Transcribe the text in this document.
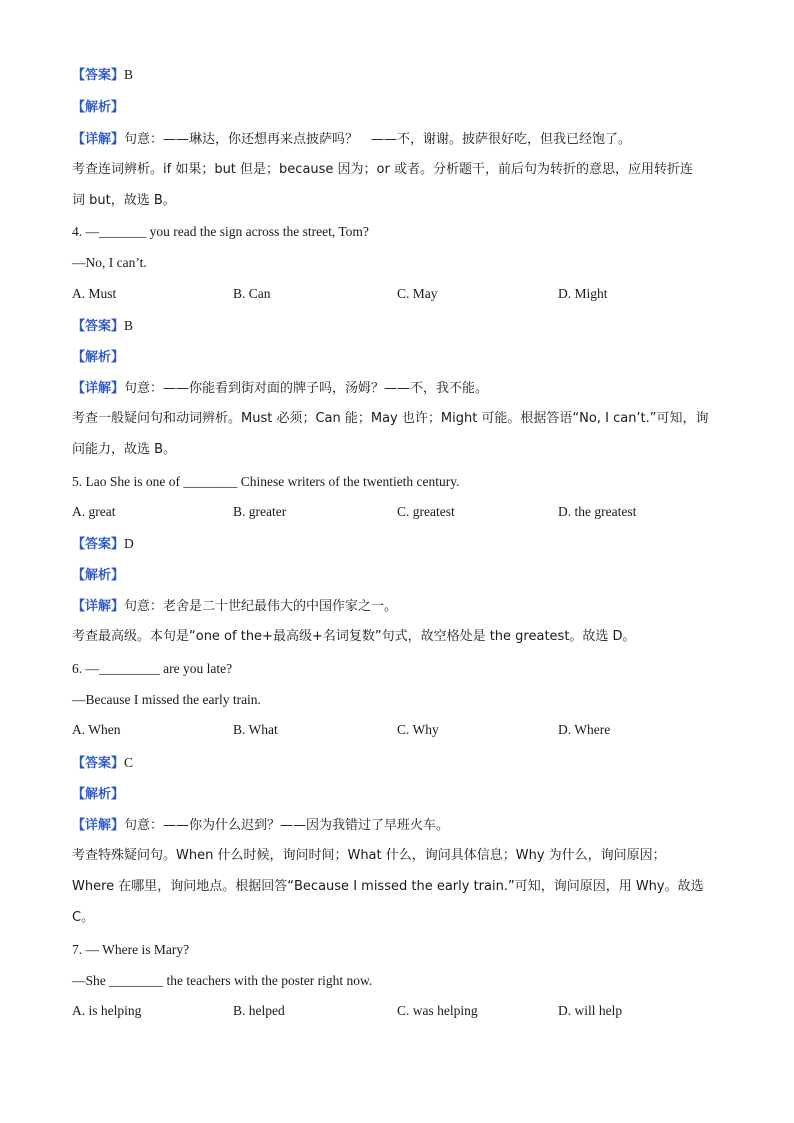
【答案】B
【解析】
【详解】句意：——琳达，你还想再来点披萨吗？　——不，谢谢。披萨很好吃，但我已经饱了。
考查连词辨析。if 如果；but 但是；because 因为；or 或者。分析题干，前后句为转折的意思，应用转折连
词 but，故选 B。
4. —_______ you read the sign across the street, Tom?
—No, I can’t.
A. Must	B. Can	C. May	D. Might
【答案】B
【解析】
【详解】句意：——你能看到街对面的牌子吗，汤姆？——不，我不能。
考查一般疑问句和动词辨析。Must 必须；Can 能；May 也许；Might 可能。根据答语“No, I can’t.”可知，询
问能力，故选 B。
5. Lao She is one of ________ Chinese writers of the twentieth century.
A. great	B. greater	C. greatest	D. the greatest
【答案】D
【解析】
【详解】句意：老舍是二十世纪最伟大的中国作家之一。
考查最高级。本句是“one of the+最高级+名词复数”句式，故空格处是 the greatest。故选 D。
6. —_________ are you late?
—Because I missed the early train.
A. When	B. What	C. Why	D. Where
【答案】C
【解析】
【详解】句意：——你为什么迟到？——因为我错过了早班火车。
考查特殊疑问句。When 什么时候，询问时间；What 什么，询问具体信息；Why 为什么，询问原因；
Where 在哪里，询问地点。根据回答“Because I missed the early train.”可知，询问原因，用 Why。故选
C。
7. — Where is Mary?
—She ________ the teachers with the poster right now.
A. is helping	B. helped	C. was helping	D. will help
